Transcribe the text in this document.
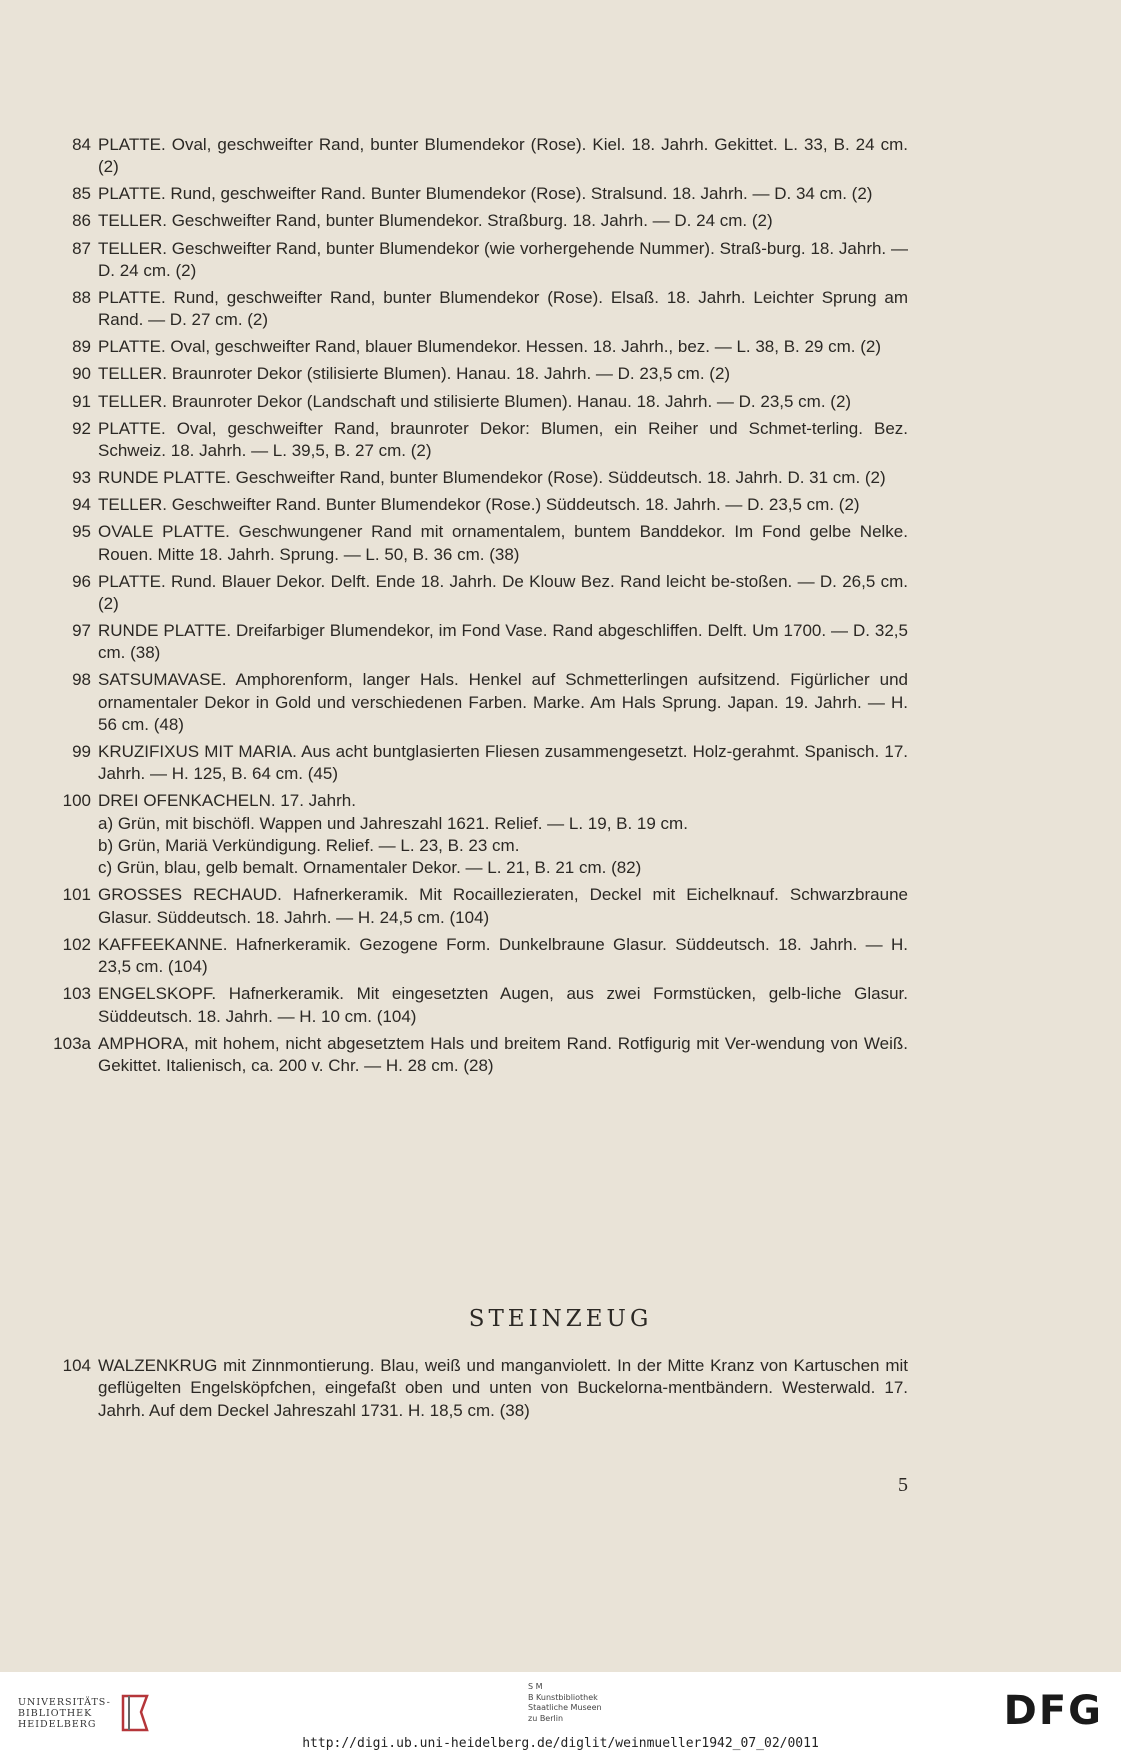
84 PLATTE. Oval, geschweifter Rand, bunter Blumendekor (Rose). Kiel. 18. Jahrh. Gekittet. L. 33, B. 24 cm. (2)
85 PLATTE. Rund, geschweifter Rand. Bunter Blumendekor (Rose). Stralsund. 18. Jahrh. — D. 34 cm. (2)
86 TELLER. Geschweifter Rand, bunter Blumendekor. Straßburg. 18. Jahrh. — D. 24 cm. (2)
87 TELLER. Geschweifter Rand, bunter Blumendekor (wie vorhergehende Nummer). Straß-burg. 18. Jahrh. — D. 24 cm. (2)
88 PLATTE. Rund, geschweifter Rand, bunter Blumendekor (Rose). Elsaß. 18. Jahrh. Leichter Sprung am Rand. — D. 27 cm. (2)
89 PLATTE. Oval, geschweifter Rand, blauer Blumendekor. Hessen. 18. Jahrh., bez. — L. 38, B. 29 cm. (2)
90 TELLER. Braunroter Dekor (stilisierte Blumen). Hanau. 18. Jahrh. — D. 23,5 cm. (2)
91 TELLER. Braunroter Dekor (Landschaft und stilisierte Blumen). Hanau. 18. Jahrh. — D. 23,5 cm. (2)
92 PLATTE. Oval, geschweifter Rand, braunroter Dekor: Blumen, ein Reiher und Schmet-terling. Bez. Schweiz. 18. Jahrh. — L. 39,5, B. 27 cm. (2)
93 RUNDE PLATTE. Geschweifter Rand, bunter Blumendekor (Rose). Süddeutsch. 18. Jahrh. D. 31 cm. (2)
94 TELLER. Geschweifter Rand. Bunter Blumendekor (Rose.) Süddeutsch. 18. Jahrh. — D. 23,5 cm. (2)
95 OVALE PLATTE. Geschwungener Rand mit ornamentalem, buntem Banddekor. Im Fond gelbe Nelke. Rouen. Mitte 18. Jahrh. Sprung. — L. 50, B. 36 cm. (38)
96 PLATTE. Rund. Blauer Dekor. Delft. Ende 18. Jahrh. De Klouw Bez. Rand leicht be-stoßen. — D. 26,5 cm. (2)
97 RUNDE PLATTE. Dreifarbiger Blumendekor, im Fond Vase. Rand abgeschliffen. Delft. Um 1700. — D. 32,5 cm. (38)
98 SATSUMAVASE. Amphorenform, langer Hals. Henkel auf Schmetterlingen aufsitzend. Figürlicher und ornamentaler Dekor in Gold und verschiedenen Farben. Marke. Am Hals Sprung. Japan. 19. Jahrh. — H. 56 cm. (48)
99 KRUZIFIXUS MIT MARIA. Aus acht buntglasierten Fliesen zusammengesetzt. Holz-gerahmt. Spanisch. 17. Jahrh. — H. 125, B. 64 cm. (45)
100 DREI OFENKACHELN. 17. Jahrh.
a) Grün, mit bischöfl. Wappen und Jahreszahl 1621. Relief. — L. 19, B. 19 cm.
b) Grün, Mariä Verkündigung. Relief. — L. 23, B. 23 cm.
c) Grün, blau, gelb bemalt. Ornamentaler Dekor. — L. 21, B. 21 cm. (82)
101 GROSSES RECHAUD. Hafnerkeramik. Mit Rocaillezieraten, Deckel mit Eichelknauf. Schwarzbraune Glasur. Süddeutsch. 18. Jahrh. — H. 24,5 cm. (104)
102 KAFFEEKANNE. Hafnerkeramik. Gezogene Form. Dunkelbraune Glasur. Süddeutsch. 18. Jahrh. — H. 23,5 cm. (104)
103 ENGELSKOPF. Hafnerkeramik. Mit eingesetzten Augen, aus zwei Formstücken, gelb-liche Glasur. Süddeutsch. 18. Jahrh. — H. 10 cm. (104)
103a AMPHORA, mit hohem, nicht abgesetztem Hals und breitem Rand. Rotfigurig mit Ver-wendung von Weiß. Gekittet. Italienisch, ca. 200 v. Chr. — H. 28 cm. (28)
STEINZEUG
104 WALZENKRUG mit Zinnmontierung. Blau, weiß und manganviolett. In der Mitte Kranz von Kartuschen mit geflügelten Engelsköpfchen, eingefaßt oben und unten von Buckelorna-mentbändern. Westerwald. 17. Jahrh. Auf dem Deckel Jahreszahl 1731. H. 18,5 cm. (38)
5
UNIVERSITÄTS-
BIBLIOTHEK
HEIDELBERG
S M
B Kunstbibliothek
Staatliche Museen
zu Berlin	DFG
http://digi.ub.uni-heidelberg.de/diglit/weinmueller1942_07_02/0011
